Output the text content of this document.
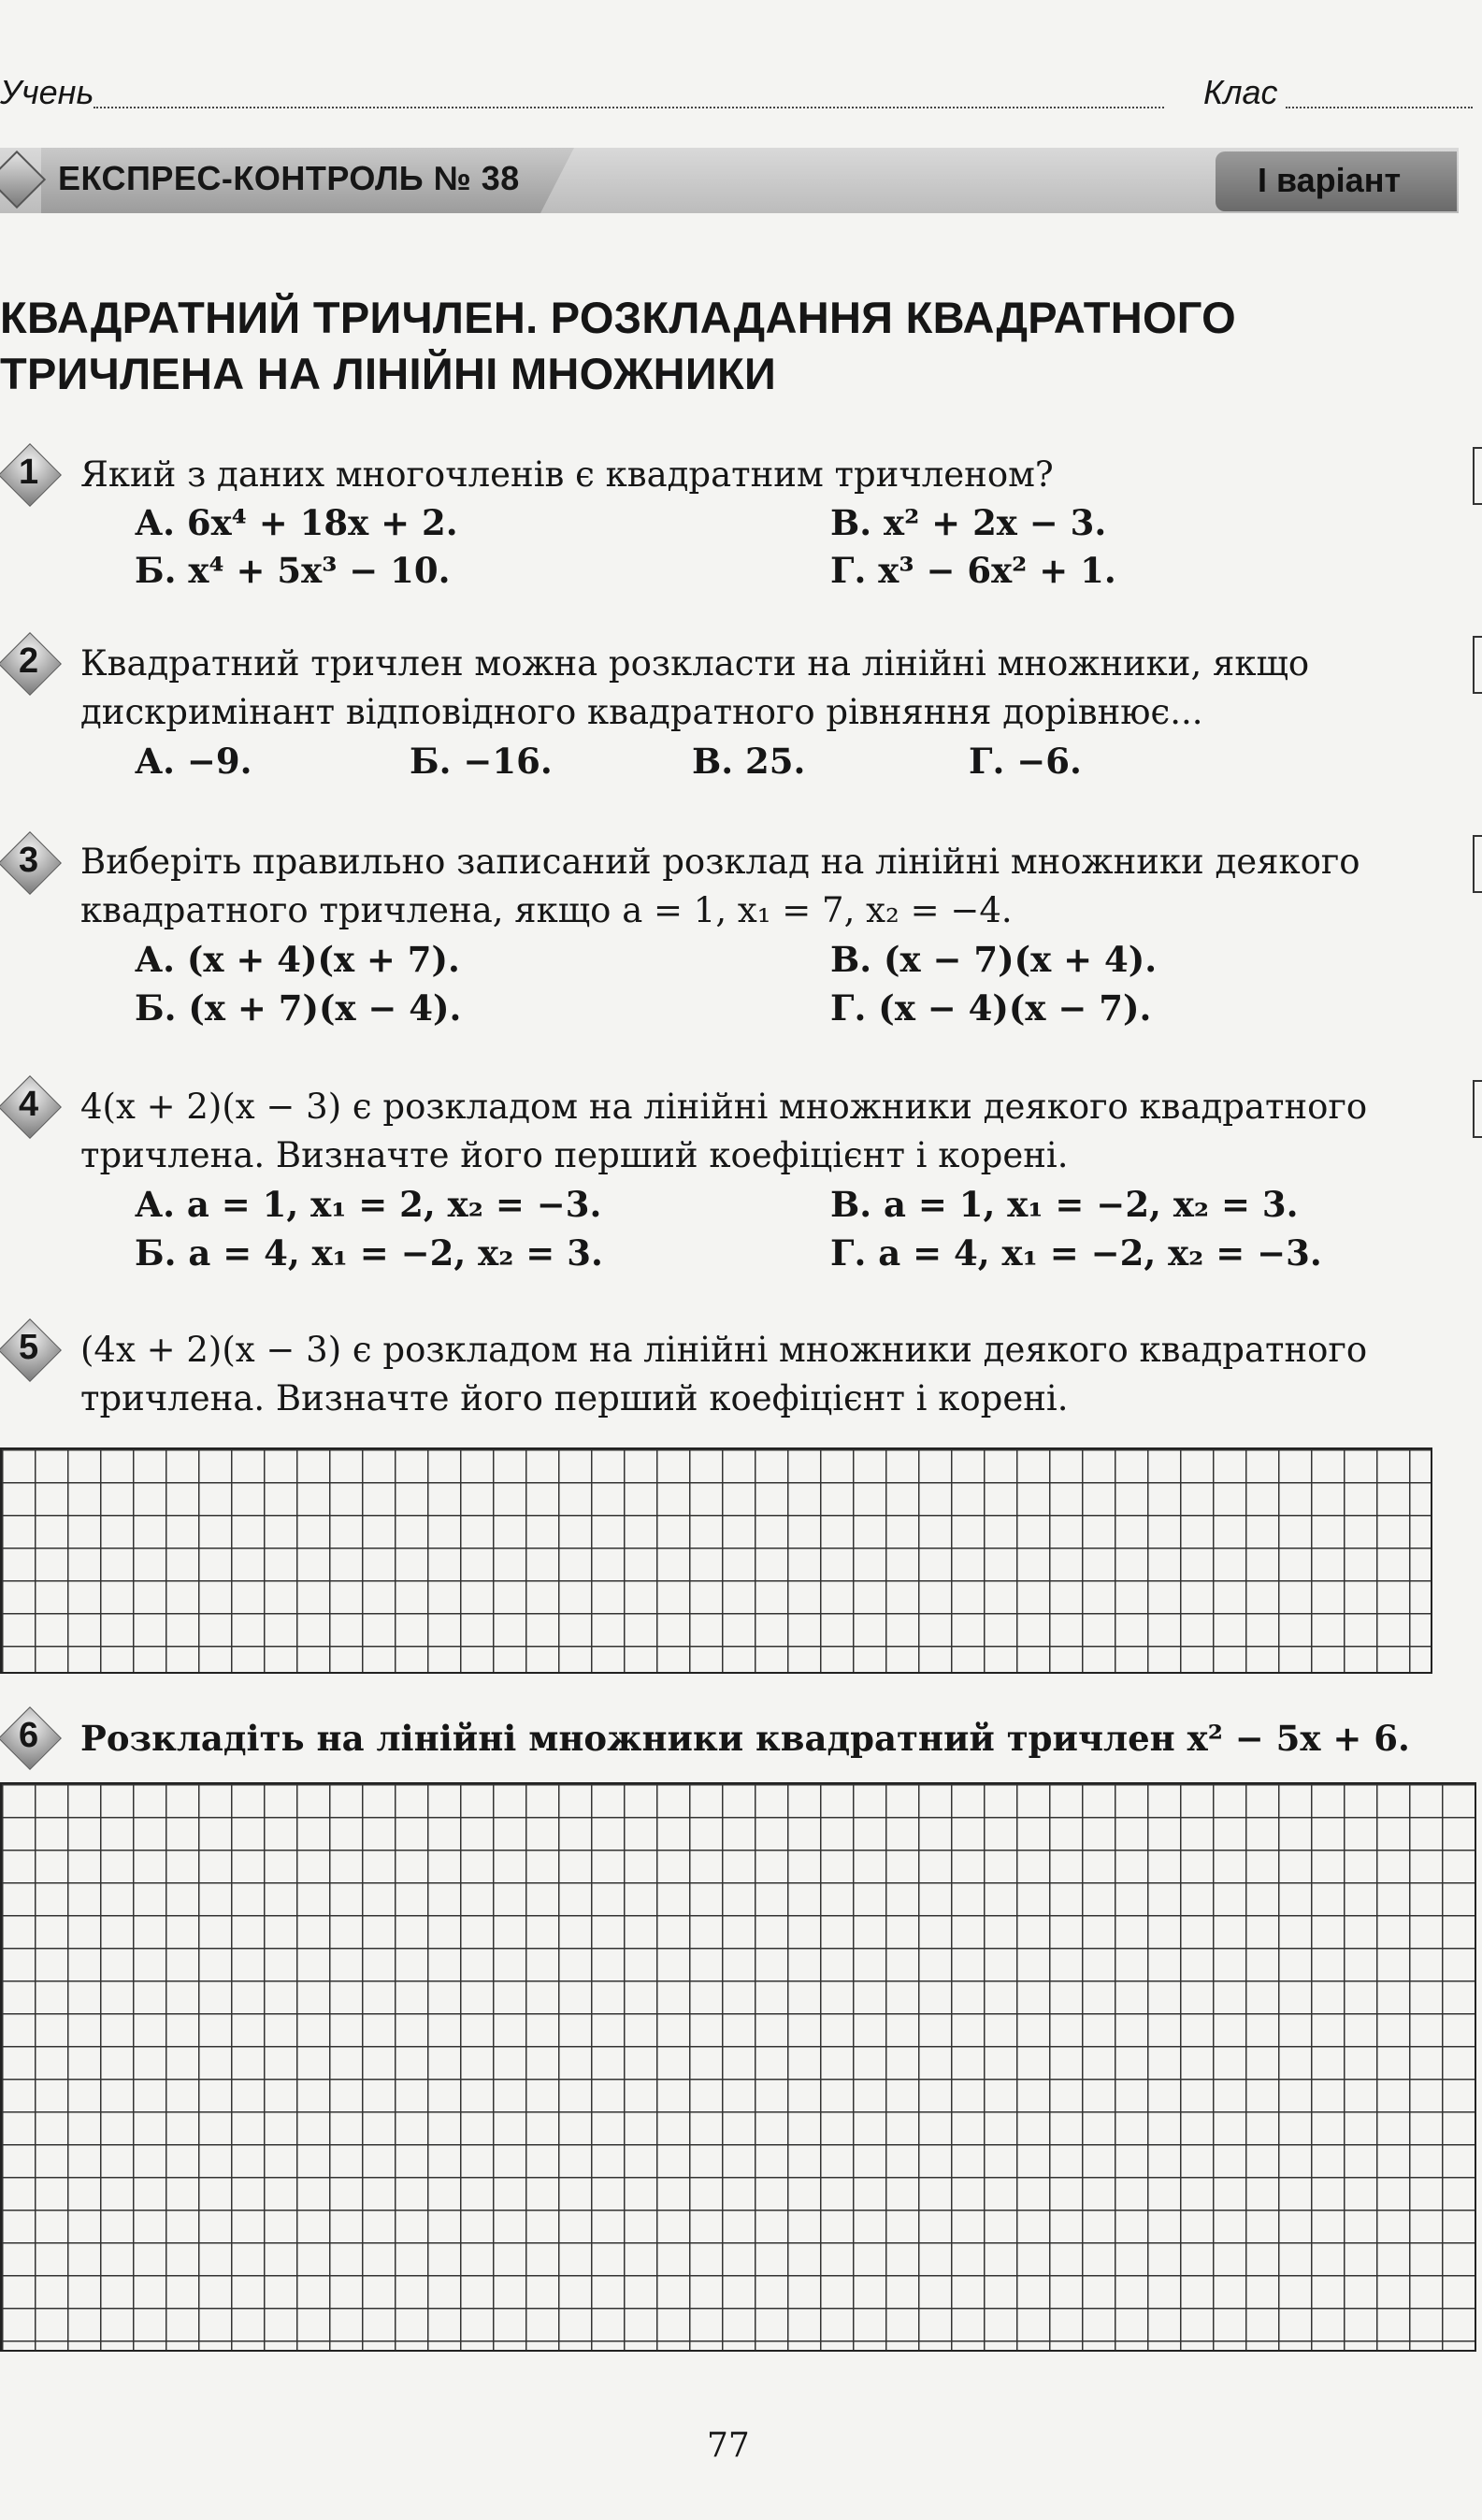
Учень	Клас
ЕКСПРЕС-КОНТРОЛЬ № 38	І варіант
КВАДРАТНИЙ ТРИЧЛЕН. РОЗКЛАДАННЯ КВАДРАТНОГО
ТРИЧЛЕНА НА ЛІНІЙНІ МНОЖНИКИ
1 Який з даних многочленів є квадратним тричленом?
А. 6x⁴ + 18x + 2.	В. x² + 2x − 3.
Б. x⁴ + 5x³ − 10.	Г. x³ − 6x² + 1.
2 Квадратний тричлен можна розкласти на лінійні множники, якщо
дискримінант відповідного квадратного рівняння дорівнює...
А. −9.	Б. −16.	В. 25.	Г. −6.
3 Виберіть правильно записаний розклад на лінійні множники деякого
квадратного тричлена, якщо a = 1, x₁ = 7, x₂ = −4.
А. (x + 4)(x + 7).	В. (x − 7)(x + 4).
Б. (x + 7)(x − 4).	Г. (x − 4)(x − 7).
4 4(x + 2)(x − 3) є розкладом на лінійні множники деякого квадратного
тричлена. Визначте його перший коефіцієнт і корені.
А. a = 1, x₁ = 2, x₂ = −3.	В. a = 1, x₁ = −2, x₂ = 3.
Б. a = 4, x₁ = −2, x₂ = 3.	Г. a = 4, x₁ = −2, x₂ = −3.
5 (4x + 2)(x − 3) є розкладом на лінійні множники деякого квадратного
тричлена. Визначте його перший коефіцієнт і корені.
6 Розкладіть на лінійні множники квадратний тричлен x² − 5x + 6.
77
